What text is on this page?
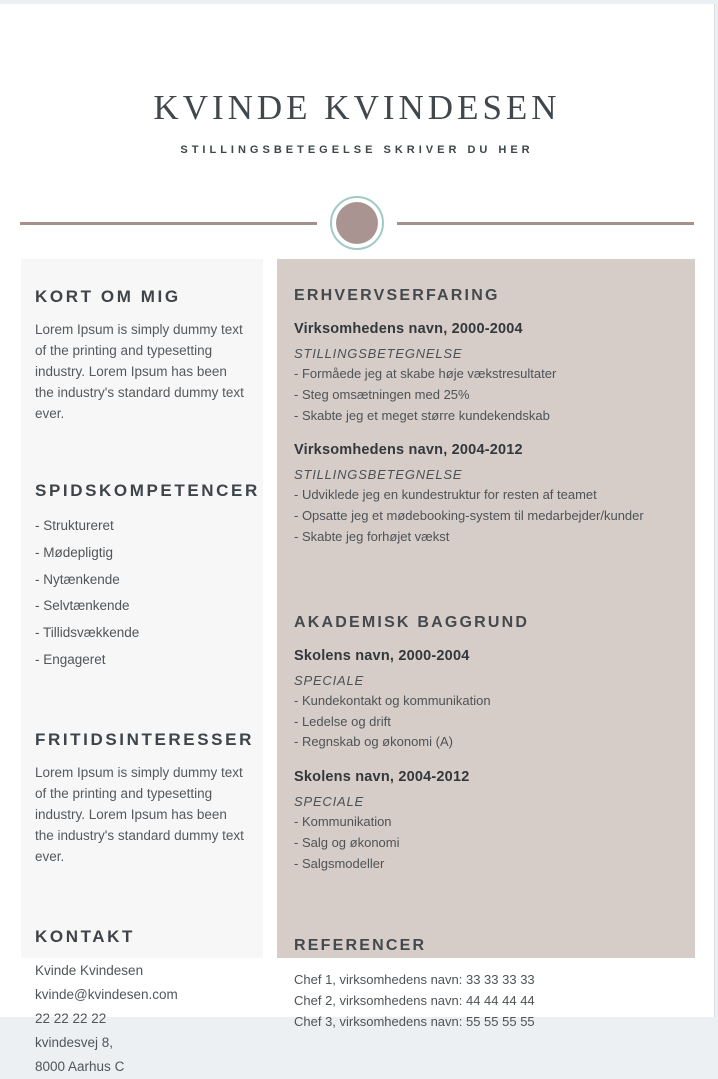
KVINDE KVINDESEN
STILLINGSBETEGELSE SKRIVER DU HER
KORT OM MIG
Lorem Ipsum is simply dummy text of the printing and typesetting industry. Lorem Ipsum has been the industry's standard dummy text ever.
SPIDSKOMPETENCER
- Struktureret
- Mødepligtig
- Nytænkende
- Selvtænkende
- Tillidsvækkende
- Engageret
FRITIDSINTERESSER
Lorem Ipsum is simply dummy text of the printing and typesetting industry. Lorem Ipsum has been the industry's standard dummy text ever.
KONTAKT
Kvinde Kvindesen
kvinde@kvindesen.com
22 22 22 22
kvindesvej 8,
8000 Aarhus C
ERHVERVSERFARING
Virksomhedens navn, 2000-2004
STILLINGSBETEGNELSE
- Formåede jeg at skabe høje vækstresultater
- Steg omsætningen med 25%
- Skabte jeg et meget større kundekendskab
Virksomhedens navn, 2004-2012
STILLINGSBETEGNELSE
- Udviklede jeg en kundestruktur for resten af teamet
- Opsatte jeg et mødebooking-system til medarbejder/kunder
- Skabte jeg forhøjet vækst
AKADEMISK BAGGRUND
Skolens navn, 2000-2004
SPECIALE
- Kundekontakt og kommunikation
- Ledelse og drift
- Regnskab og økonomi (A)
Skolens navn, 2004-2012
SPECIALE
- Kommunikation
- Salg og økonomi
- Salgsmodeller
REFERENCER
Chef 1, virksomhedens navn: 33 33 33 33
Chef 2, virksomhedens navn: 44 44 44 44
Chef 3, virksomhedens navn: 55 55 55 55
